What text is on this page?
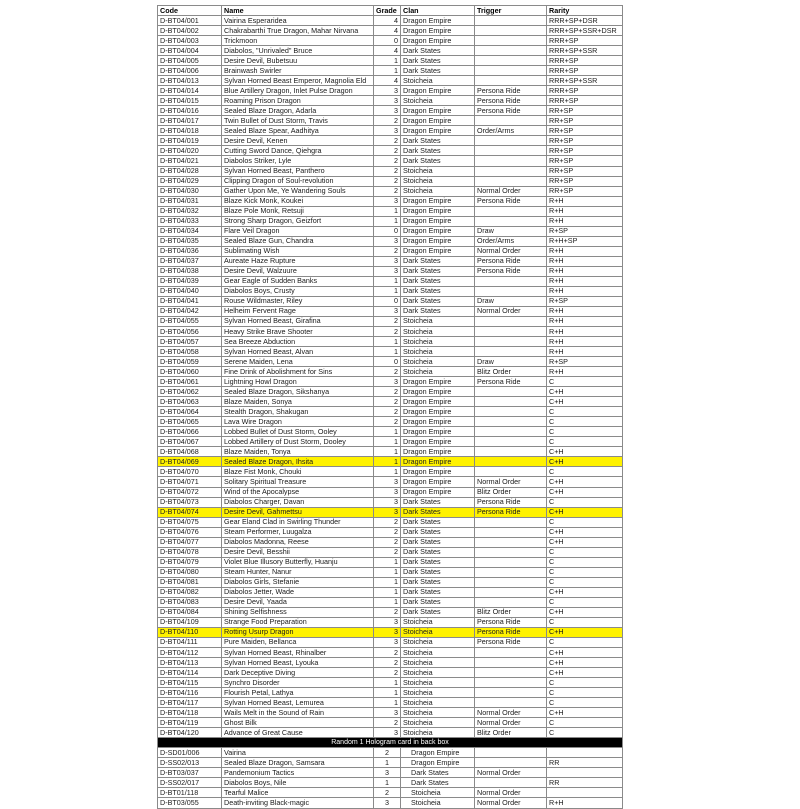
Code	Name	Grade	Clan	Trigger	Rarity
D-BT04/001	Vairina Esperaridea	4	Dragon Empire		RRR+SP+DSR
D-BT04/002	Chakrabarthi True Dragon, Mahar Nirvana	4	Dragon Empire		RRR+SP+SSR+DSR
D-BT04/003	Trickmoon	0	Dragon Empire		RRR+SP
D-BT04/004	Diabolos, "Unrivaled" Bruce	4	Dark States		RRR+SP+SSR
D-BT04/005	Desire Devil, Bubetsuu	1	Dark States		RRR+SP
D-BT04/006	Brainwash Swirler	1	Dark States		RRR+SP
D-BT04/013	Sylvan Horned Beast Emperor, Magnolia Eld	4	Stoicheia		RRR+SP+SSR
D-BT04/014	Blue Artillery Dragon, Inlet Pulse Dragon	3	Dragon Empire	Persona Ride	RRR+SP
D-BT04/015	Roaming Prison Dragon	3	Stoicheia	Persona Ride	RRR+SP
D-BT04/016	Sealed Blaze Dragon, Adarla	3	Dragon Empire	Persona Ride	RR+SP
D-BT04/017	Twin Bullet of Dust Storm, Travis	2	Dragon Empire		RR+SP
D-BT04/018	Sealed Blaze Spear, Aadhitya	3	Dragon Empire	Order/Arms	RR+SP
D-BT04/019	Desire Devil, Kenen	2	Dark States		RR+SP
D-BT04/020	Cutting Sword Dance, Qiehgra	2	Dark States		RR+SP
D-BT04/021	Diabolos Striker, Lyle	2	Dark States		RR+SP
D-BT04/028	Sylvan Horned Beast, Panthero	2	Stoicheia		RR+SP
D-BT04/029	Clipping Dragon of Soul-revolution	2	Stoicheia		RR+SP
D-BT04/030	Gather Upon Me, Ye Wandering Souls	2	Stoicheia	Normal Order	RR+SP
D-BT04/031	Blaze Kick Monk, Koukei	3	Dragon Empire	Persona Ride	R+H
D-BT04/032	Blaze Pole Monk, Retsuji	1	Dragon Empire		R+H
D-BT04/033	Strong Sharp Dragon, Geizfort	1	Dragon Empire		R+H
D-BT04/034	Flare Veil Dragon	0	Dragon Empire	Draw	R+SP
D-BT04/035	Sealed Blaze Gun, Chandra	3	Dragon Empire	Order/Arms	R+H+SP
D-BT04/036	Sublimating Wish	2	Dragon Empire	Normal Order	R+H
D-BT04/037	Aureate Haze Rupture	3	Dark States	Persona Ride	R+H
D-BT04/038	Desire Devil, Walzuure	3	Dark States	Persona Ride	R+H
D-BT04/039	Gear Eagle of Sudden Banks	1	Dark States		R+H
D-BT04/040	Diabolos Boys, Crusty	1	Dark States		R+H
D-BT04/041	Rouse Wildmaster, Riley	0	Dark States	Draw	R+SP
D-BT04/042	Helheim Fervent Rage	3	Dark States	Normal Order	R+H
D-BT04/055	Sylvan Horned Beast, Girafina	2	Stoicheia		R+H
D-BT04/056	Heavy Strike Brave Shooter	2	Stoicheia		R+H
D-BT04/057	Sea Breeze Abduction	1	Stoicheia		R+H
D-BT04/058	Sylvan Horned Beast, Alvan	1	Stoicheia		R+H
D-BT04/059	Serene Maiden, Lena	0	Stoicheia	Draw	R+SP
D-BT04/060	Fine Drink of Abolishment for Sins	2	Stoicheia	Blitz Order	R+H
D-BT04/061	Lightning Howl Dragon	3	Dragon Empire	Persona Ride	C
D-BT04/062	Sealed Blaze Dragon, Sikshanya	2	Dragon Empire		C+H
D-BT04/063	Blaze Maiden, Sonya	2	Dragon Empire		C+H
D-BT04/064	Stealth Dragon, Shakugan	2	Dragon Empire		C
D-BT04/065	Lava Wire Dragon	2	Dragon Empire		C
D-BT04/066	Lobbed Bullet of Dust Storm, Ooley	1	Dragon Empire		C
D-BT04/067	Lobbed Artillery of Dust Storm, Dooley	1	Dragon Empire		C
D-BT04/068	Blaze Maiden, Tonya	1	Dragon Empire		C+H
D-BT04/069	Sealed Blaze Dragon, Ihsita	1	Dragon Empire		C+H
D-BT04/070	Blaze Fist Monk, Chouki	1	Dragon Empire		C
D-BT04/071	Solitary Spiritual Treasure	3	Dragon Empire	Normal Order	C+H
D-BT04/072	Wind of the Apocalypse	3	Dragon Empire	Blitz Order	C+H
D-BT04/073	Diabolos Charger, Davan	3	Dark States	Persona Ride	C
D-BT04/074	Desire Devil, Gahmettsu	3	Dark States	Persona Ride	C+H
D-BT04/075	Gear Eland Clad in Swirling Thunder	2	Dark States		C
D-BT04/076	Steam Performer, Luugalza	2	Dark States		C+H
D-BT04/077	Diabolos Madonna, Reese	2	Dark States		C+H
D-BT04/078	Desire Devil, Besshii	2	Dark States		C
D-BT04/079	Violet Blue Illusory Butterfly, Huanju	1	Dark States		C
D-BT04/080	Steam Hunter, Nanur	1	Dark States		C
D-BT04/081	Diabolos Girls, Stefanie	1	Dark States		C
D-BT04/082	Diabolos Jetter, Wade	1	Dark States		C+H
D-BT04/083	Desire Devil, Yaada	1	Dark States		C
D-BT04/084	Shining Selfishness	2	Dark States	Blitz Order	C+H
D-BT04/109	Strange Food Preparation	3	Stoicheia	Persona Ride	C
D-BT04/110	Rotting Usurp Dragon	3	Stoicheia	Persona Ride	C+H
D-BT04/111	Pure Maiden, Bellanca	3	Stoicheia	Persona Ride	C
D-BT04/112	Sylvan Horned Beast, Rhinalber	2	Stoicheia		C+H
D-BT04/113	Sylvan Horned Beast, Lyouka	2	Stoicheia		C+H
D-BT04/114	Dark Deceptive Diving	2	Stoicheia		C+H
D-BT04/115	Synchro Disorder	1	Stoicheia		C
D-BT04/116	Flourish Petal, Lathya	1	Stoicheia		C
D-BT04/117	Sylvan Horned Beast, Lemurea	1	Stoicheia		C
D-BT04/118	Wails Melt in the Sound of Rain	3	Stoicheia	Normal Order	C+H
D-BT04/119	Ghost Bilk	2	Stoicheia	Normal Order	C
D-BT04/120	Advance of Great Cause	3	Stoicheia	Blitz Order	C
Random 1 Hologram card in back box					
D-SD01/006	Vairina	2	Dragon Empire		
D-SS02/013	Sealed Blaze Dragon, Samsara	1	Dragon Empire		RR
D-BT03/037	Pandemonium Tactics	3	Dark States	Normal Order	
D-SS02/017	Diabolos Boys, Nile	1	Dark States		RR
D-BT01/118	Tearful Malice	2	Stoicheia	Normal Order	
D-BT03/055	Death-inviting Black-magic	3	Stoicheia	Normal Order	R+H
